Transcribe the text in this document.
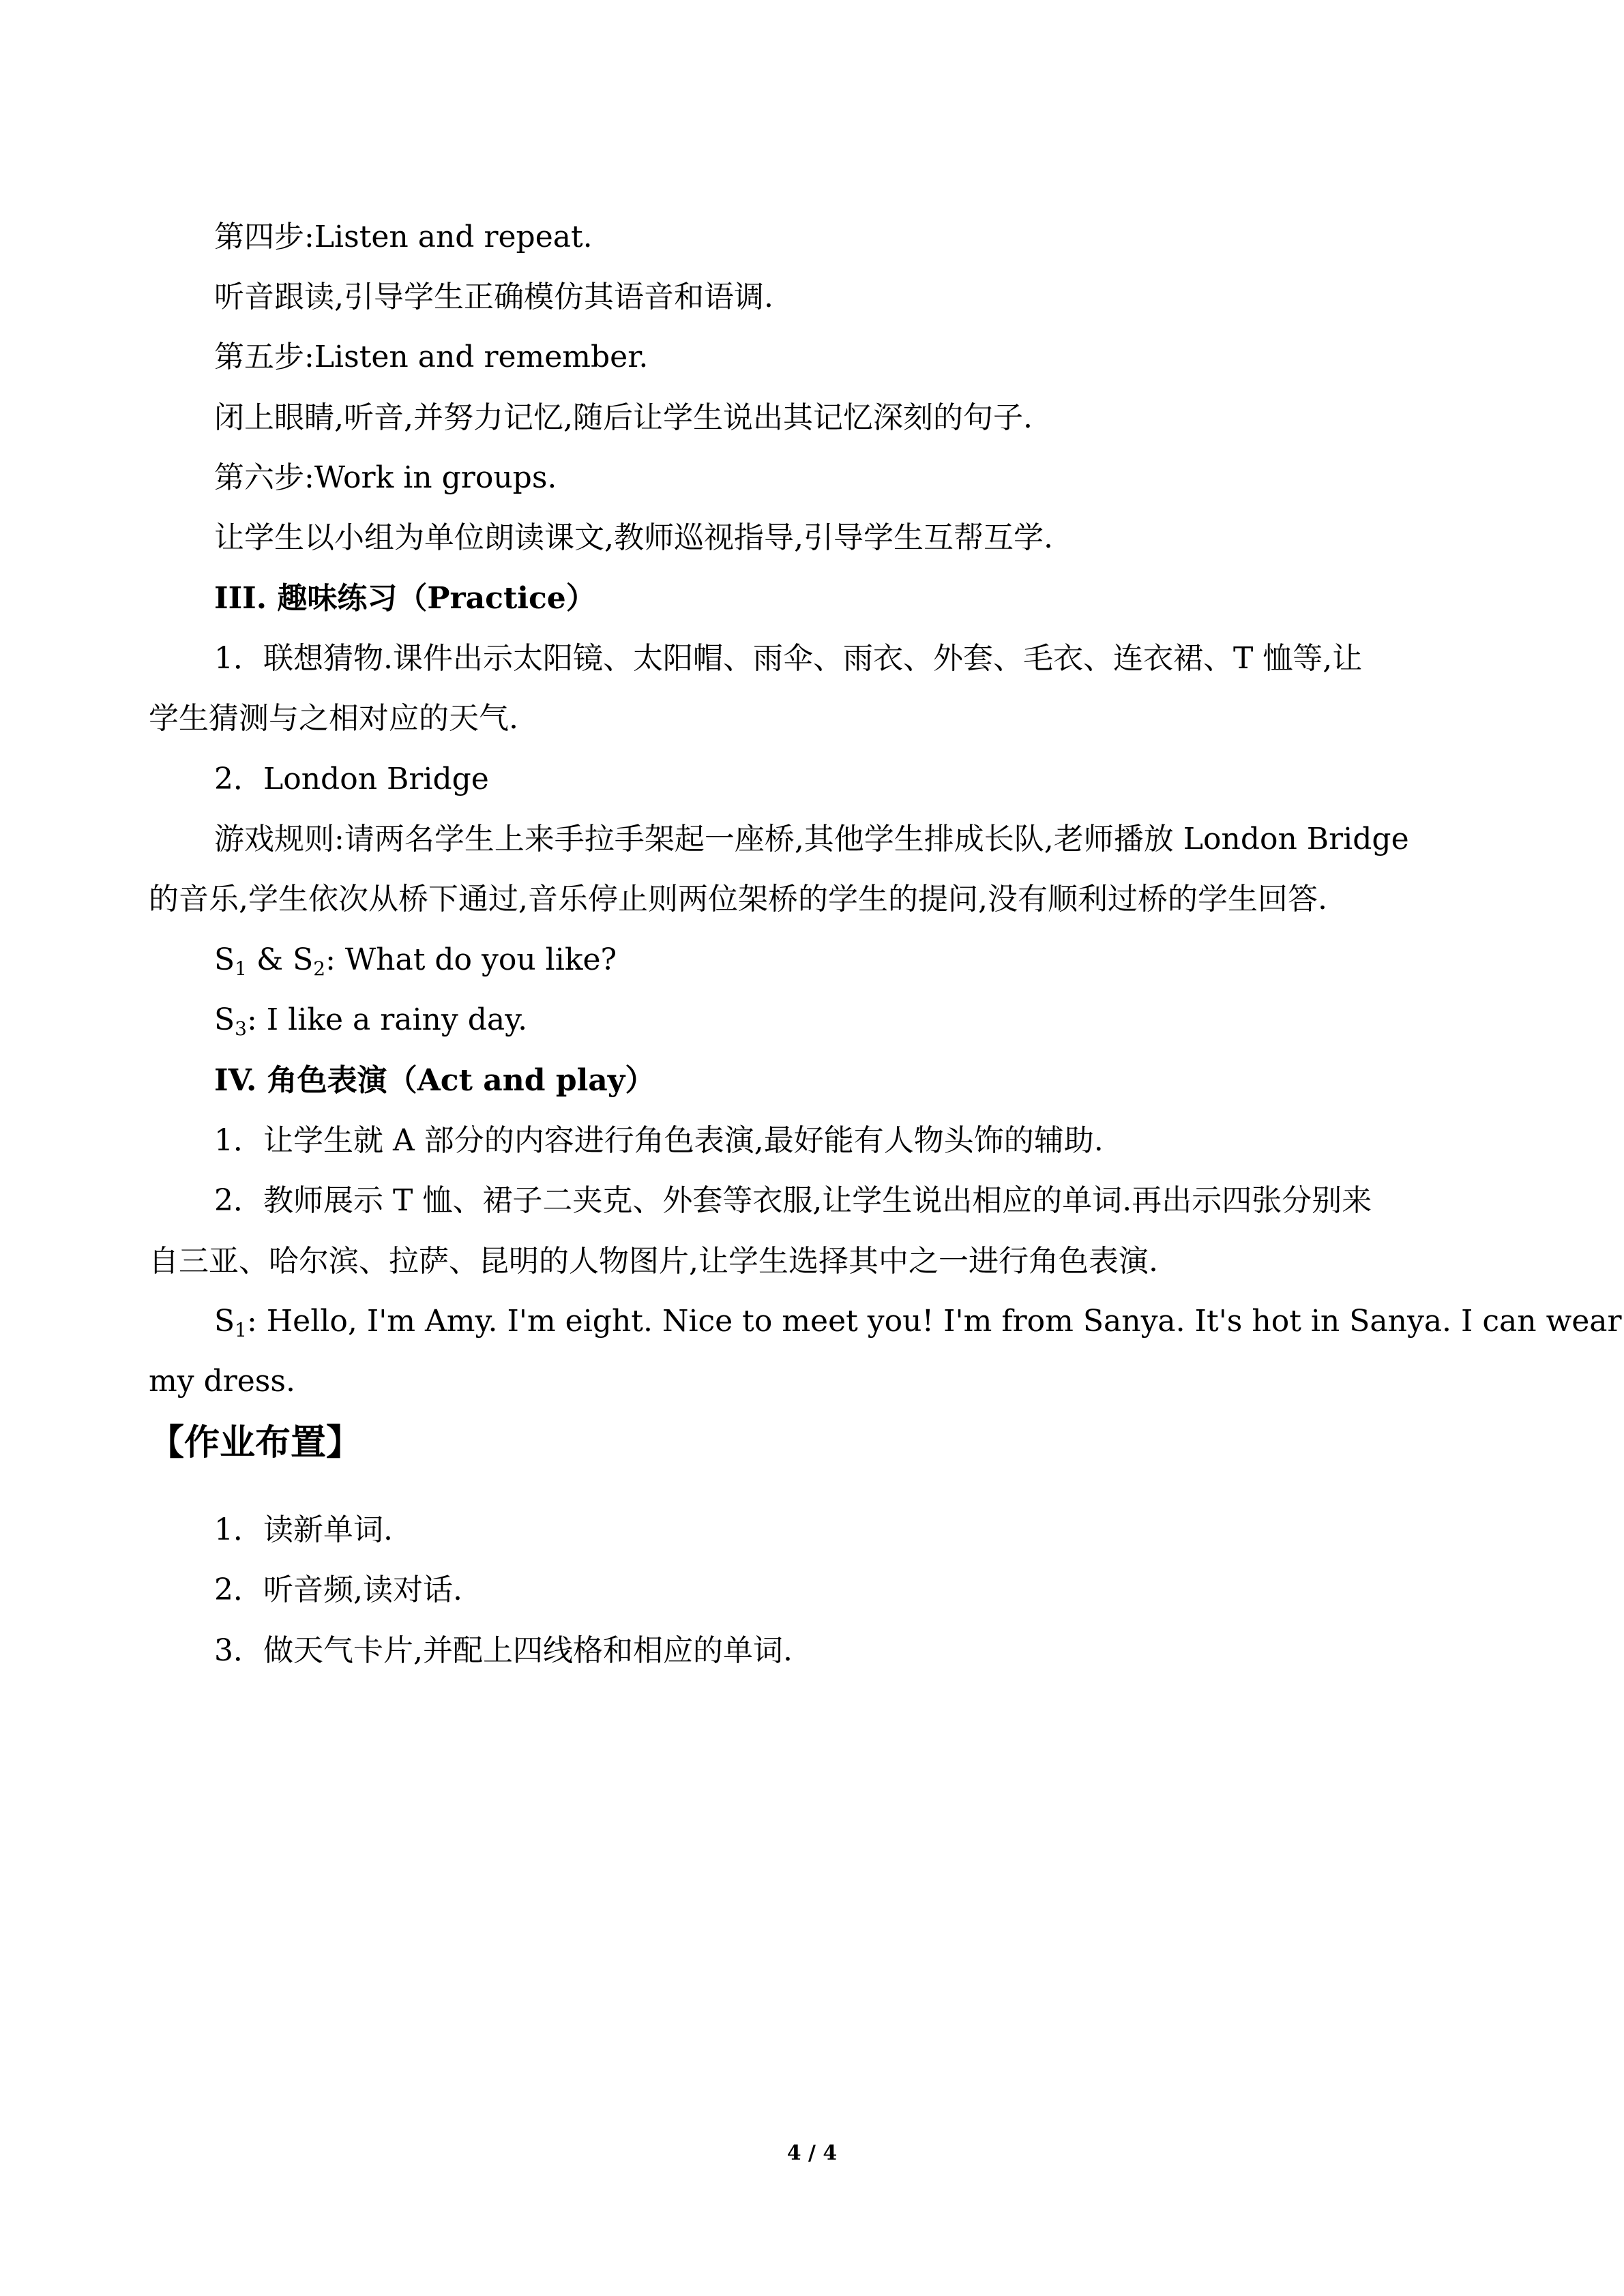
第四步:Listen and repeat.
听音跟读,引导学生正确模仿其语音和语调.
第五步:Listen and remember.
闭上眼睛,听音,并努力记忆,随后让学生说出其记忆深刻的句子.
第六步:Work in groups.
让学生以小组为单位朗读课文,教师巡视指导,引导学生互帮互学.
III. 趣味练习（Practice）
1．联想猜物.课件出示太阳镜、太阳帽、雨伞、雨衣、外套、毛衣、连衣裙、T 恤等,让
学生猜测与之相对应的天气.
2．London Bridge
游戏规则:请两名学生上来手拉手架起一座桥,其他学生排成长队,老师播放 London Bridge
的音乐,学生依次从桥下通过,音乐停止则两位架桥的学生的提问,没有顺利过桥的学生回答.
$S_1$ & $S_2$: What do you like?
$S_3$: I like a rainy day.
IV. 角色表演（Act and play）
1．让学生就 A 部分的内容进行角色表演,最好能有人物头饰的辅助.
2．教师展示 T 恤、裙子二夹克、外套等衣服,让学生说出相应的单词.再出示四张分别来
自三亚、哈尔滨、拉萨、昆明的人物图片,让学生选择其中之一进行角色表演.
$S_1$: Hello, I'm Amy. I'm eight. Nice to meet you! I'm from Sanya. It's hot in Sanya. I can wear
my dress.
【作业布置】
1．读新单词.
2．听音频,读对话.
3．做天气卡片,并配上四线格和相应的单词.
4 / 4
